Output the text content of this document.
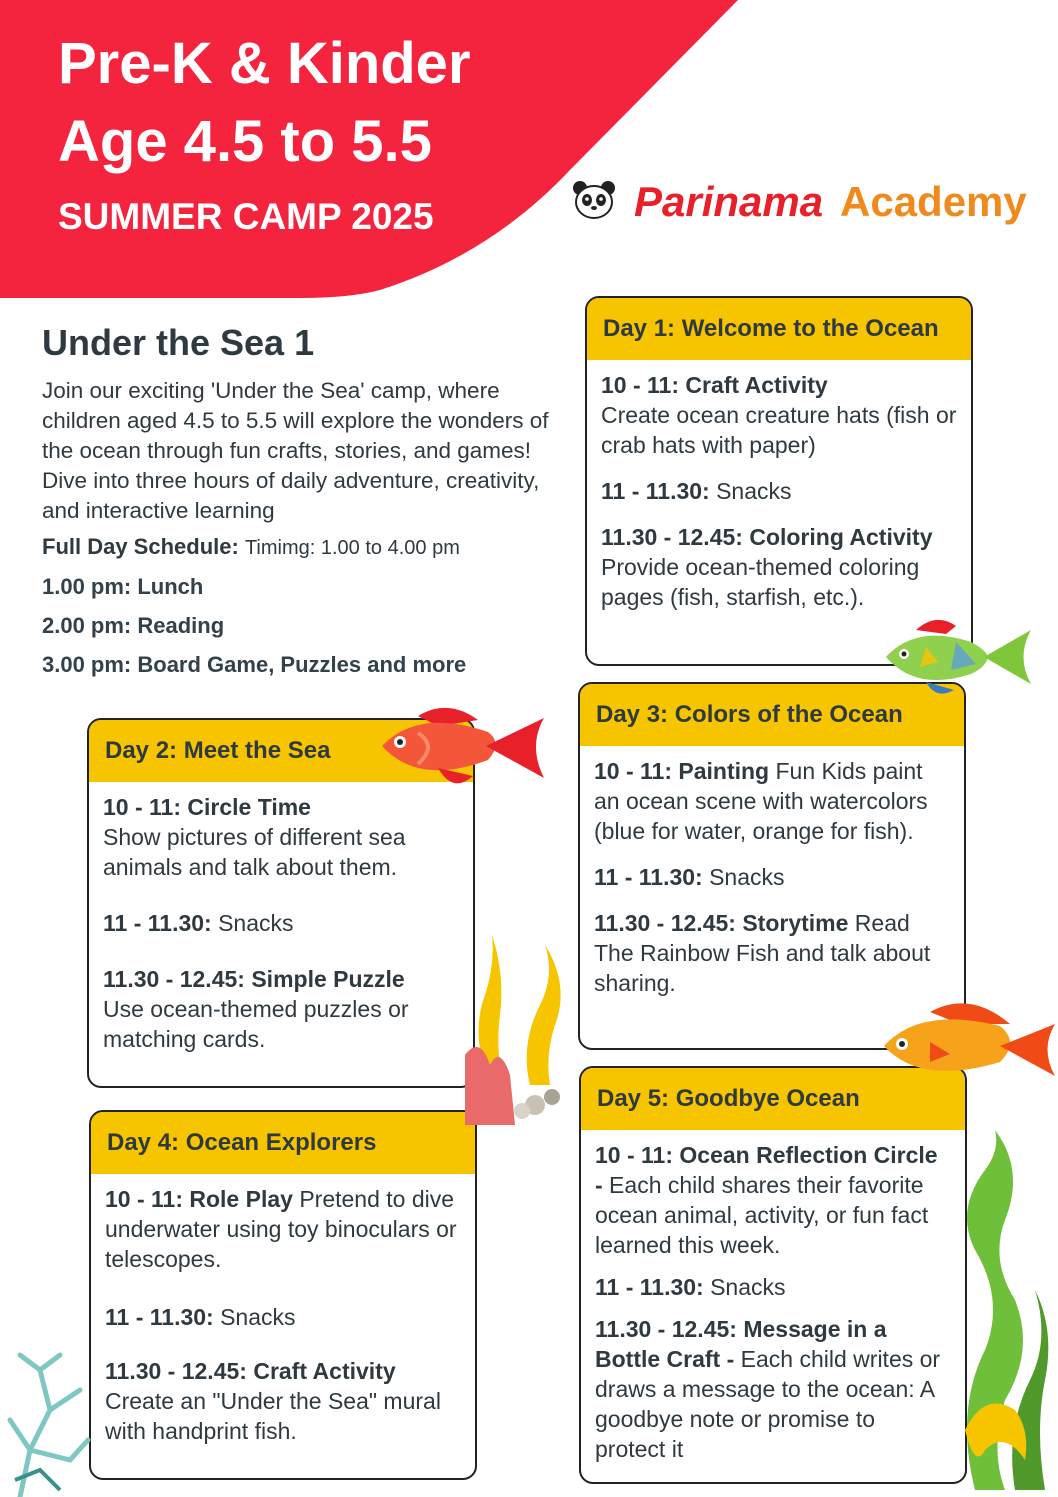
Pre-K & Kinder
Age 4.5 to 5.5
SUMMER CAMP 2025	Parinama Academy
Under the Sea 1

Join our exciting 'Under the Sea' camp, where children aged 4.5 to 5.5 will explore the wonders of the ocean through fun crafts, stories, and games! Dive into three hours of daily adventure, creativity, and interactive learning

Full Day Schedule: Timimg: 1.00 to 4.00 pm
1.00 pm: Lunch
2.00 pm: Reading
3.00 pm: Board Game, Puzzles and more
Day 1: Welcome to the Ocean

10 - 11: Craft Activity
Create ocean creature hats (fish or crab hats with paper)

11 - 11.30: Snacks

11.30 - 12.45: Coloring Activity
Provide ocean-themed coloring pages (fish, starfish, etc.).

Day 2: Meet the Sea

10 - 11: Circle Time
Show pictures of different sea animals and talk about them.

11 - 11.30: Snacks

11.30 - 12.45: Simple Puzzle
Use ocean-themed puzzles or matching cards.

Day 3: Colors of the Ocean

10 - 11: Painting Fun Kids paint an ocean scene with watercolors (blue for water, orange for fish).

11 - 11.30: Snacks

11.30 - 12.45: Storytime Read The Rainbow Fish and talk about sharing.

Day 4: Ocean Explorers

10 - 11: Role Play Pretend to dive underwater using toy binoculars or telescopes.

11 - 11.30: Snacks

11.30 - 12.45: Craft Activity
Create an "Under the Sea" mural with handprint fish.

Day 5: Goodbye Ocean

10 - 11: Ocean Reflection Circle - Each child shares their favorite ocean animal, activity, or fun fact learned this week.

11 - 11.30: Snacks

11.30 - 12.45: Message in a Bottle Craft - Each child writes or draws a message to the ocean: A goodbye note or promise to protect it
